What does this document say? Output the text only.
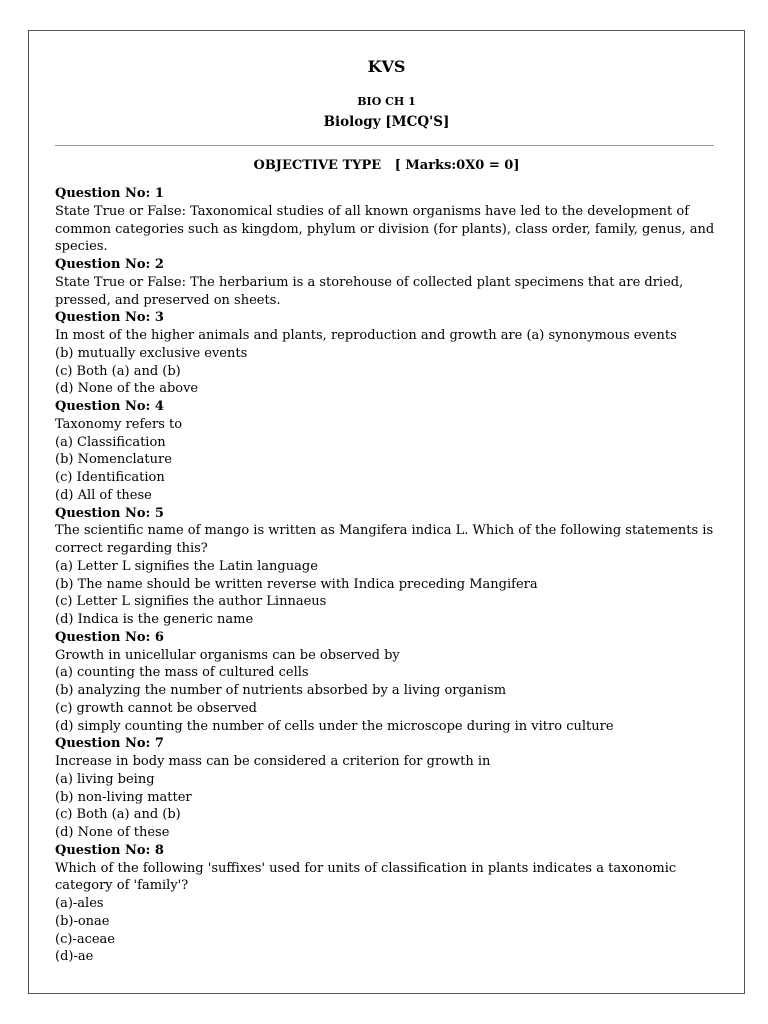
KVS
BIO CH 1
Biology [MCQ'S]
OBJECTIVE TYPE   [ Marks:0X0 = 0]
Question No: 1
State True or False: Taxonomical studies of all known organisms have led to the development of common categories such as kingdom, phylum or division (for plants), class order, family, genus, and species.
Question No: 2
State True or False: The herbarium is a storehouse of collected plant specimens that are dried, pressed, and preserved on sheets.
Question No: 3
In most of the higher animals and plants, reproduction and growth are (a) synonymous events
(b) mutually exclusive events
(c) Both (a) and (b)
(d) None of the above
Question No: 4
Taxonomy refers to
(a) Classification
(b) Nomenclature
(c) Identification
(d) All of these
Question No: 5
The scientific name of mango is written as Mangifera indica L. Which of the following statements is correct regarding this?
(a) Letter L signifies the Latin language
(b) The name should be written reverse with Indica preceding Mangifera
(c) Letter L signifies the author Linnaeus
(d) Indica is the generic name
Question No: 6
Growth in unicellular organisms can be observed by
(a) counting the mass of cultured cells
(b) analyzing the number of nutrients absorbed by a living organism
(c) growth cannot be observed
(d) simply counting the number of cells under the microscope during in vitro culture
Question No: 7
Increase in body mass can be considered a criterion for growth in
(a) living being
(b) non-living matter
(c) Both (a) and (b)
(d) None of these
Question No: 8
Which of the following 'suffixes' used for units of classification in plants indicates a taxonomic category of 'family'?
(a)-ales
(b)-onae
(c)-aceae
(d)-ae
